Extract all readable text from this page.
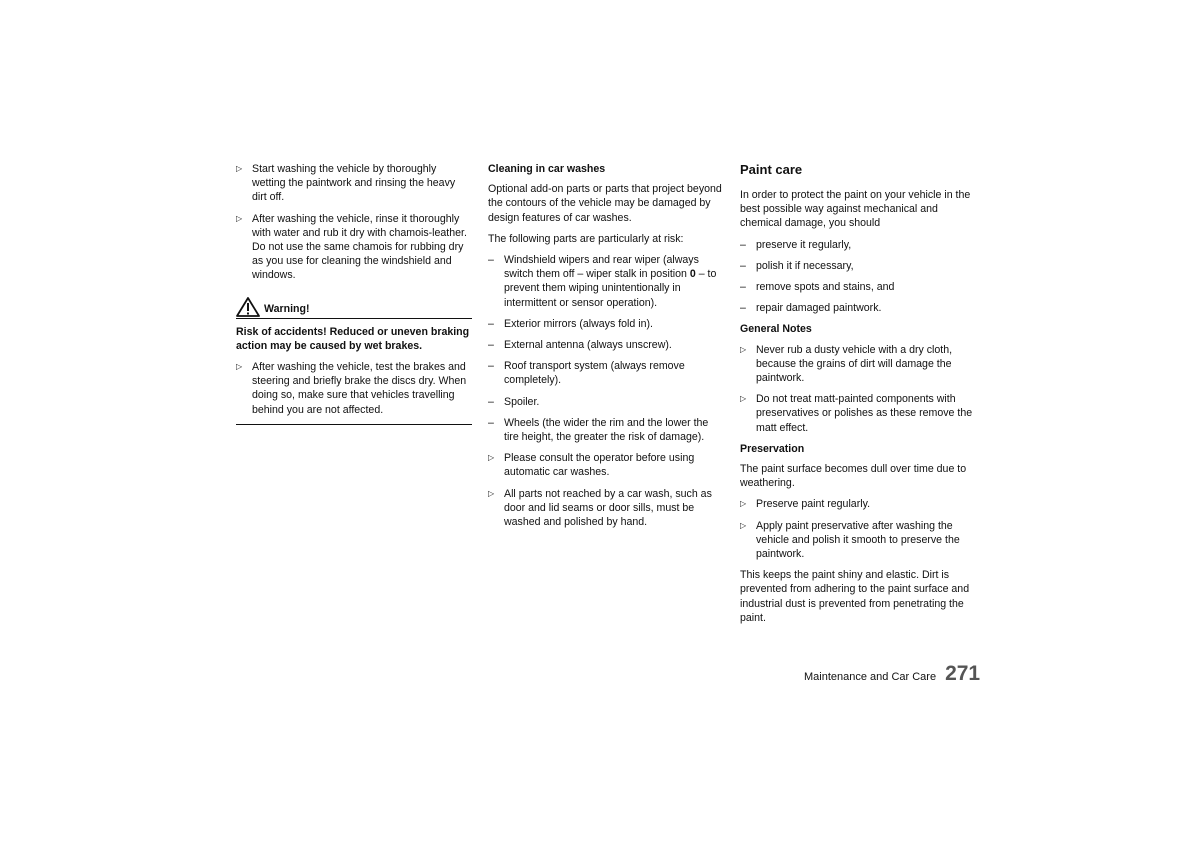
▷ Start washing the vehicle by thoroughly wetting the paintwork and rinsing the heavy dirt off.
▷ After washing the vehicle, rinse it thoroughly with water and rub it dry with chamois-leather. Do not use the same chamois for rubbing dry as you use for cleaning the windshield and windows.
Warning!

Risk of accidents! Reduced or uneven braking action may be caused by wet brakes.

▷ After washing the vehicle, test the brakes and steering and briefly brake the discs dry. When doing so, make sure that vehicles travelling behind you are not affected.
Cleaning in car washes

Optional add-on parts or parts that project beyond the contours of the vehicle may be damaged by design features of car washes.

The following parts are particularly at risk:

– Windshield wipers and rear wiper (always switch them off – wiper stalk in position 0 – to prevent them wiping unintentionally in intermittent or sensor operation).
– Exterior mirrors (always fold in).
– External antenna (always unscrew).
– Roof transport system (always remove completely).
– Spoiler.
– Wheels (the wider the rim and the lower the tire height, the greater the risk of damage).
▷ Please consult the operator before using automatic car washes.
▷ All parts not reached by a car wash, such as door and lid seams or door sills, must be washed and polished by hand.
Paint care

In order to protect the paint on your vehicle in the best possible way against mechanical and chemical damage, you should

– preserve it regularly,
– polish it if necessary,
– remove spots and stains, and
– repair damaged paintwork.
General Notes
▷ Never rub a dusty vehicle with a dry cloth, because the grains of dirt will damage the paintwork.
▷ Do not treat matt-painted components with preservatives or polishes as these remove the matt effect.
Preservation

The paint surface becomes dull over time due to weathering.

▷ Preserve paint regularly.
▷ Apply paint preservative after washing the vehicle and polish it smooth to preserve the paintwork.

This keeps the paint shiny and elastic. Dirt is prevented from adhering to the paint surface and industrial dust is prevented from penetrating the paint.

Maintenance and Car Care 271
